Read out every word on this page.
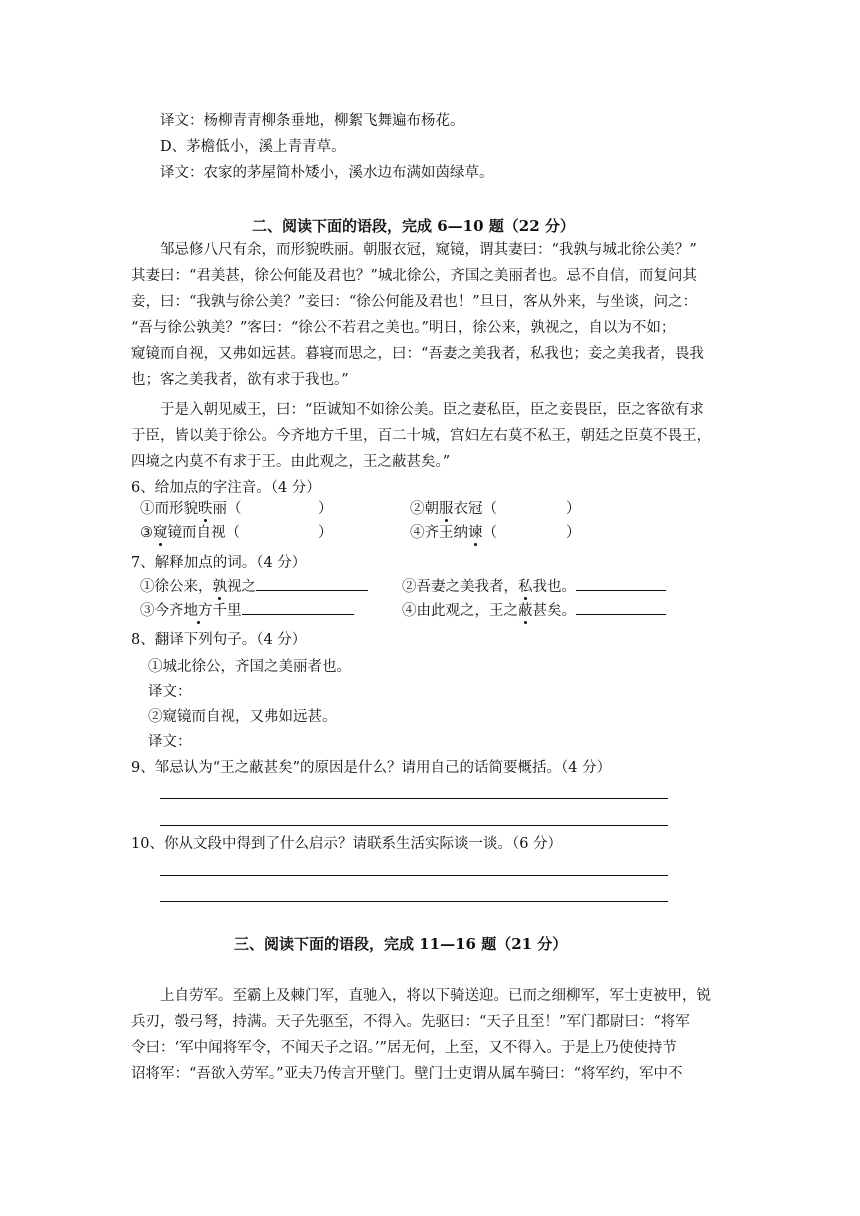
译文：杨柳青青柳条垂地，柳絮飞舞遍布杨花。
D、茅檐低小，溪上青青草。
译文：农家的茅屋简朴矮小，溪水边布满如茵绿草。
二、阅读下面的语段，完成 6—10 题（22 分）
邹忌修八尺有余，而形貌昳丽。朝服衣冠，窥镜，谓其妻曰：“我孰与城北徐公美？”
其妻曰：“君美甚，徐公何能及君也？”城北徐公，齐国之美丽者也。忌不自信，而复问其
妾，曰：“我孰与徐公美？”妾曰：“徐公何能及君也！”旦日，客从外来，与坐谈，问之：
“吾与徐公孰美？”客曰：“徐公不若君之美也。”明日，徐公来，孰视之，自以为不如；
窥镜而自视，又弗如远甚。暮寝而思之，曰：“吾妻之美我者，私我也；妾之美我者，畏我
也；客之美我者，欲有求于我也。”
于是入朝见威王，曰：“臣诚知不如徐公美。臣之妻私臣，臣之妾畏臣，臣之客欲有求
于臣，皆以美于徐公。今齐地方千里，百二十城，宫妇左右莫不私王，朝廷之臣莫不畏王，
四境之内莫不有求于王。由此观之，王之蔽甚矣。”
6、给加点的字注音。（4 分）
①而形貌昳丽（	）	②朝服衣冠（	）
③窥镜而自视（	）	④齐王纳谏（	）
7、解释加点的词。（4 分）
①徐公来，孰视之	②吾妻之美我者，私我也。
③今齐地方千里	④由此观之，王之蔽甚矣。
8、翻译下列句子。（4 分）
①城北徐公，齐国之美丽者也。
译文：
②窥镜而自视，又弗如远甚。
译文：
9、邹忌认为“王之蔽甚矣”的原因是什么？请用自己的话简要概括。（4 分）
10、你从文段中得到了什么启示？请联系生活实际谈一谈。（6 分）
三、阅读下面的语段，完成 11—16 题（21 分）
上自劳军。至霸上及棘门军，直驰入，将以下骑送迎。已而之细柳军，军士吏被甲，锐
兵刃，彀弓弩，持满。天子先驱至，不得入。先驱曰：“天子且至！”军门都尉曰：“将军
令曰：‘军中闻将军令，不闻天子之诏。’”居无何，上至，又不得入。于是上乃使使持节
诏将军：“吾欲入劳军。”亚夫乃传言开壁门。壁门士吏谓从属车骑曰：“将军约，军中不
